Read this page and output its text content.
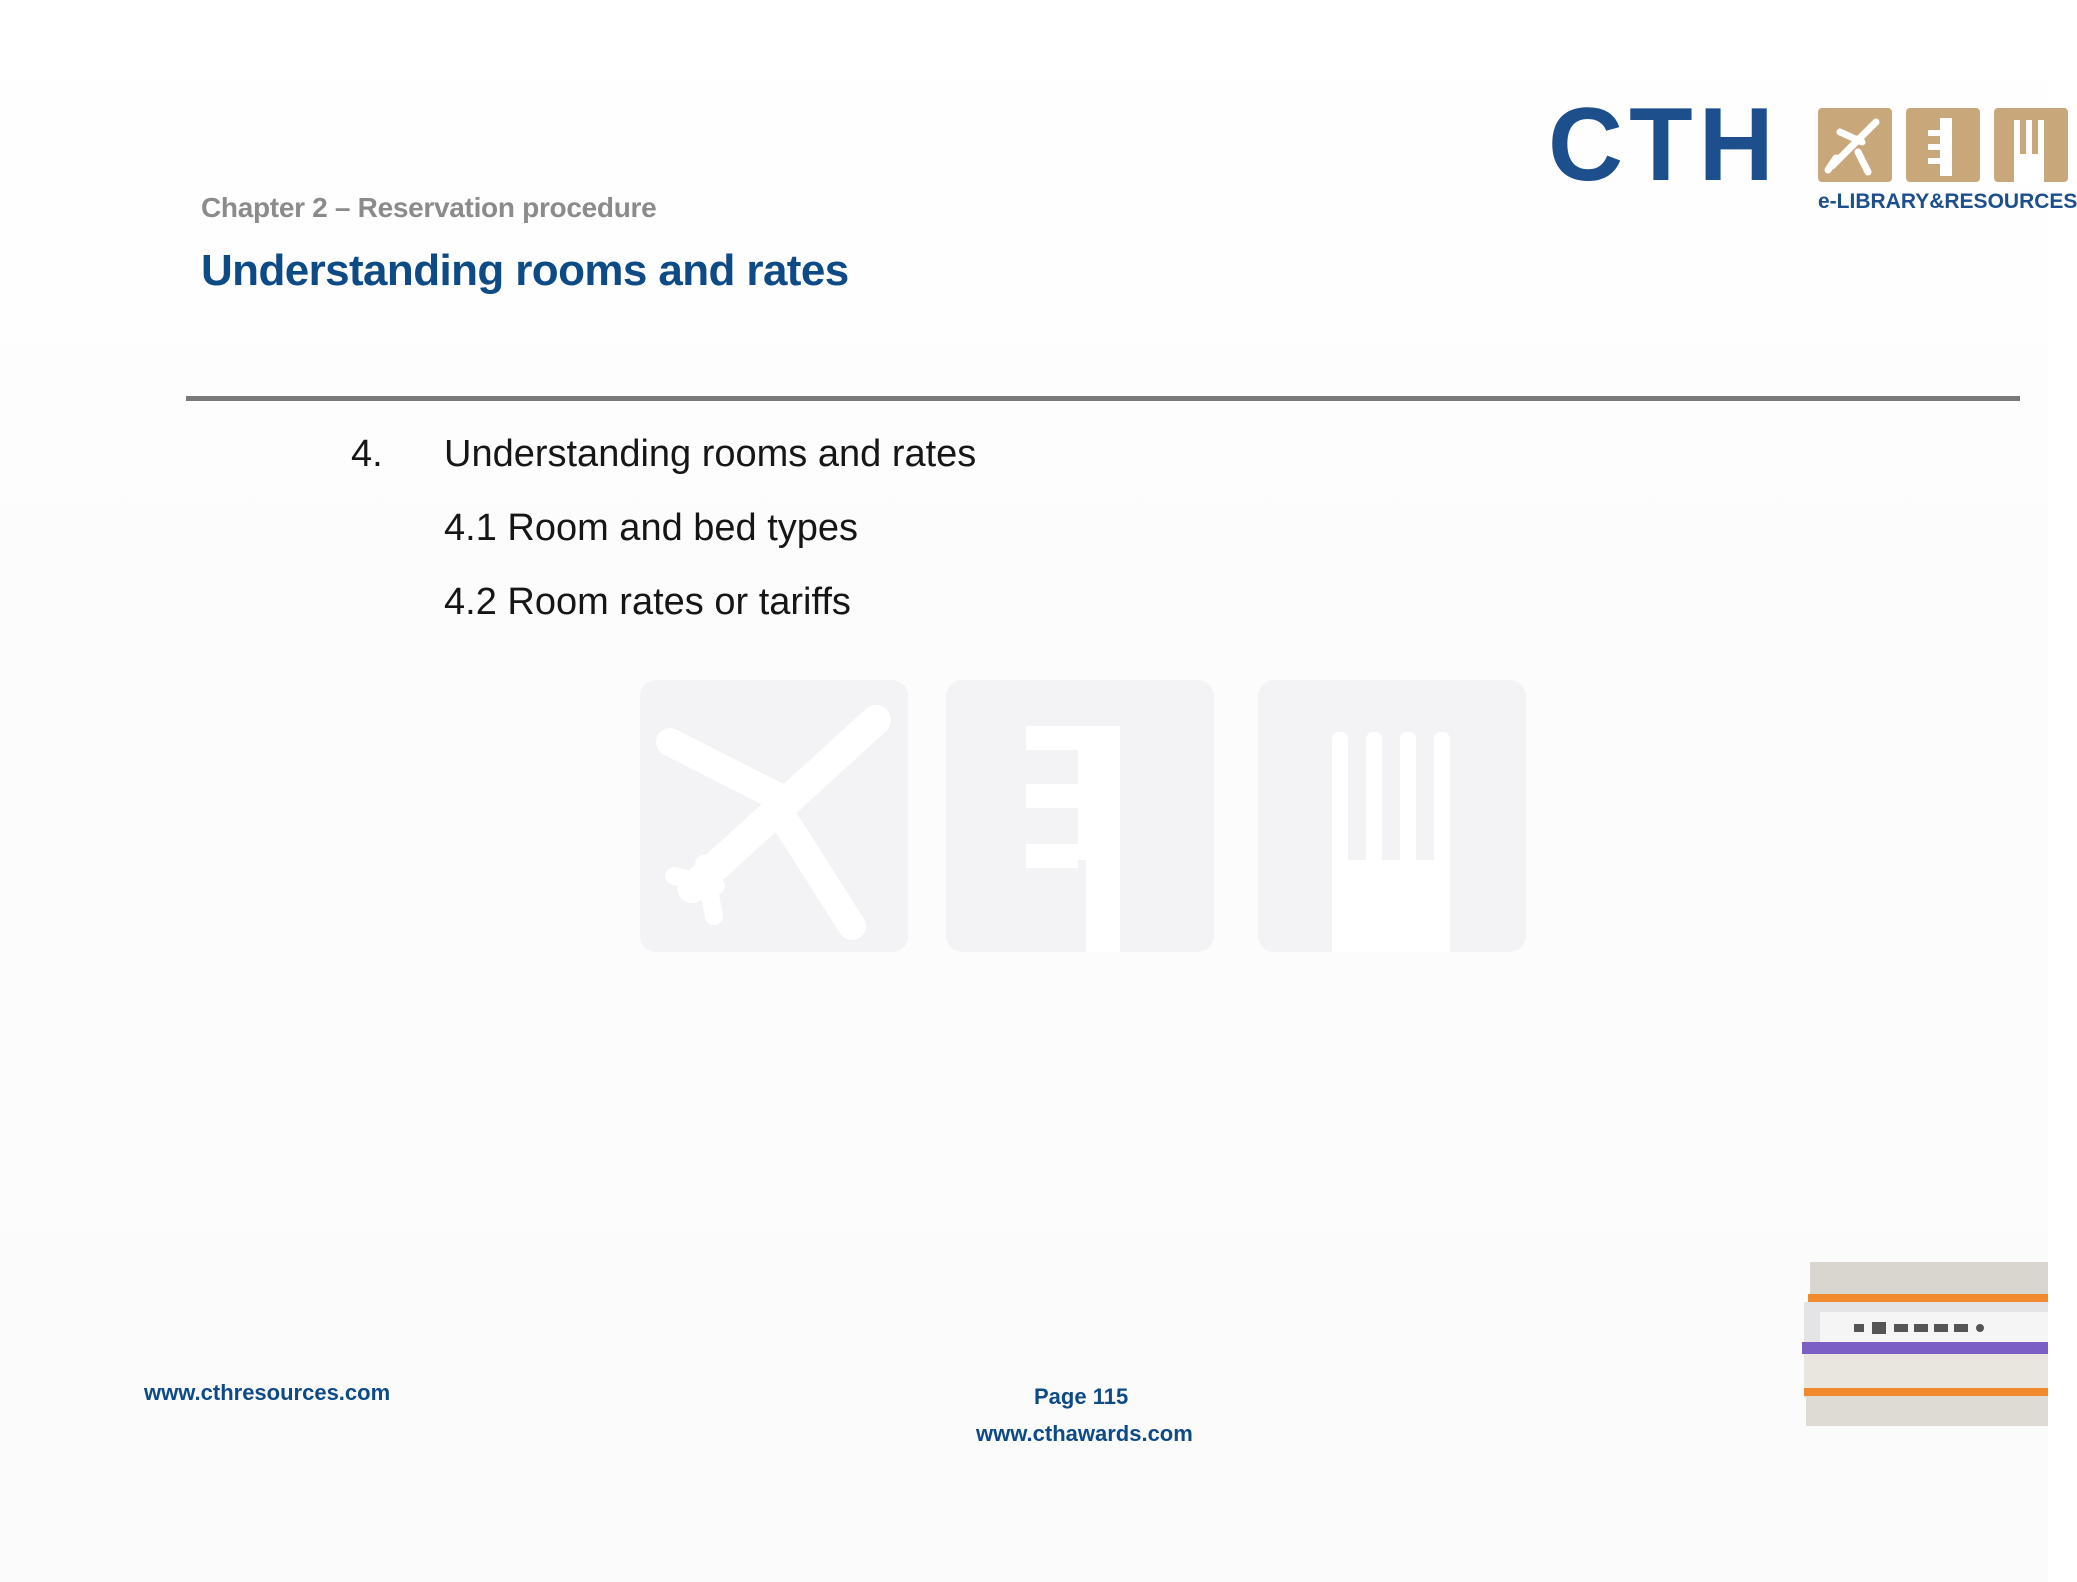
CTH e-LIBRARY&RESOURCES
Chapter 2 – Reservation procedure
Understanding rooms and rates
4. Understanding rooms and rates
4.1 Room and bed types
4.2 Room rates or tariffs
www.cthresources.com	Page 115
www.cthawards.com
